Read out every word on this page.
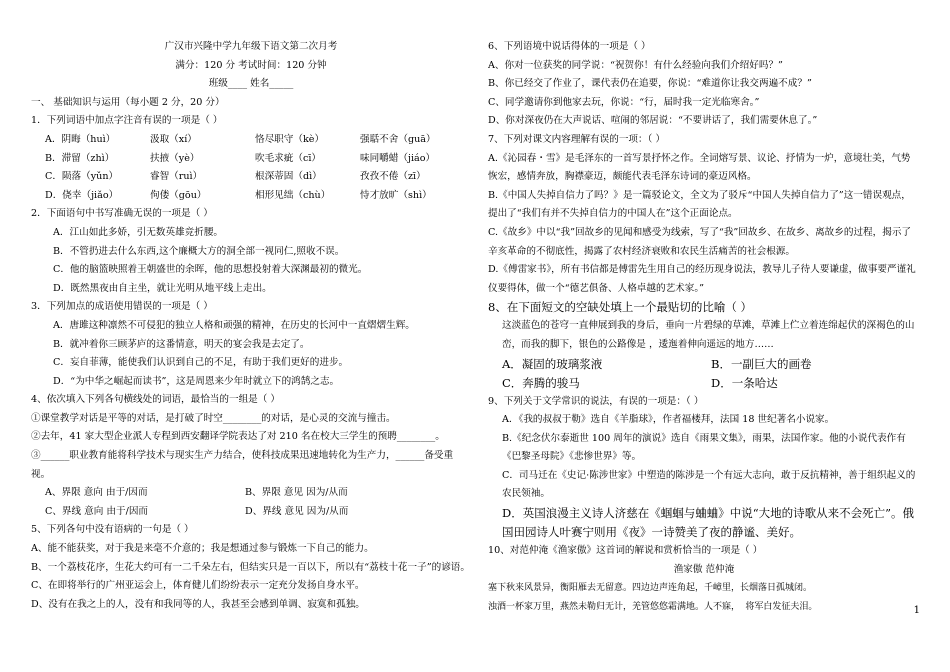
广汉市兴隆中学九年级下语文第二次月考
满分：120 分 考试时间：120 分钟
班级____ 姓名_____
一、 基础知识与运用（每小题 2 分，20 分）
1．下列词语中加点字注音有误的一项是（ ）
A．阴晦（huì）	汲取（xí）	恪尽职守（kè）	强聒不舍（guā）
B．滞留（zhì）	扶掖（yè）	吹毛求疵（cī）	味同嚼蜡（jiáo）
C．陨落（yǔn）	睿智（ruì）	根深蒂固（dì）	孜孜不倦（zī）
D．侥幸（jiǎo）	佝偻（gōu）	相形见绌（chù）	恃才放旷（shì）
2．下面语句中书写准确无误的一项是（ ）
A．江山如此多娇，引无数英雄竞折腰。
B．不管扔进去什么东西,这个廉概大方的洞全部一视同仁,照收不误。
C．他的脑篮映照着王朝盛世的余晖，他的思想投射着大深渊最初的微光。
D．既然黑夜由自主坐，就让光明从地平线上走出。
3．下列加点的成语使用错误的一项是（ ）
A．唐雎这种凛然不可侵犯的独立人格和顽强的精神，在历史的长河中一直熠熠生辉。
B．就冲着你三顾茅庐的这番情意，明天的宴会我是去定了。
C．妄自菲薄，能使我们认识到自己的不足，有助于我们更好的进步。
D．“为中华之崛起而读书”，这是周恩来少年时就立下的鸿鹄之志。
4、依次填入下列各句横线处的词语，最恰当的一组是（ ）
①课堂教学对话是平等的对话，是打破了时空________的对话，是心灵的交流与撞击。
②去年，41 家大型企业派人专程到西安翻译学院表达了对 210 名在校大三学生的预聘________。
③______职业教育能将科学技术与现实生产力结合，使科技成果迅速地转化为生产力，______备受重视。
A、界限 意向 由于/因而	B、界限 意见 因为/从而
C、界线 意向 由于/因而	D、界线 意见 因为/从而
5、下列各句中没有语病的一句是（ ）
A、能不能获奖，对于我是来毫不介意的；我是想通过参与锻炼一下自己的能力。
B、一个荔枝花序，生花大约可有一二千朵左右，但结实只是一百以下，所以有“荔枝十花一子”的谚语。
C、在即将举行的广州亚运会上，体育健儿们纷纷表示一定充分发扬自身水平。
D、没有在我之上的人，没有和我同等的人，我甚至会感到单调、寂寞和孤独。
6、下列语境中说话得体的一项是（ ）
A、你对一位获奖的同学说：“祝贺你！有什么经验向我们介绍好吗？”
B、你已经交了作业了，课代表仍在追要，你说：“难道你让我交两遍不成？”
C、同学邀请你到他家去玩，你说：“行，届时我一定光临寒舍。”
D、你对深夜仍在大声说话、喧闹的邻居说：“不要讲话了，我们需要休息了。”
7、下列对课文内容理解有误的一项：（ ）
A.《沁园春・雪》是毛泽东的一首写景抒怀之作。全词熔写景、议论、抒情为一炉，意境壮美，气势恢宏，感情奔放，胸襟豪迈，颇能代表毛泽东诗词的豪迈风格。
B.《中国人失掉自信力了吗？》是一篇驳论文，全文为了驳斥“中国人失掉自信力了”这一错误观点，提出了“我们有并不失掉自信力的中国人在”这个正面论点。
C.《故乡》中以“我”回故乡的见闻和感受为线索，写了“我”回故乡、在故乡、离故乡的过程，揭示了辛亥革命的不彻底性，揭露了农村经济衰败和农民生活痛苦的社会根源。
D.《傅雷家书》，所有书信都是傅雷先生用自己的经历现身说法，教导儿子待人要谦虚，做事要严谨礼仪要得体，做一个“德艺俱备、人格卓越的艺术家。”
8、在下面短文的空缺处填上一个最贴切的比喻（ ）
这淡蓝色的苍穹一直伸展到我的身后，垂向一片碧绿的草滩，草滩上伫立着连绵起伏的深褐色的山峦，而我的脚下，银色的公路像是 ，逶迤着伸向遥远的地方……
A．凝固的玻璃浆液	B．一副巨大的画卷
C．奔腾的骏马	D．一条哈达
9、下列关于文学常识的说法，有误的一项是：（ ）
A．《我的叔叔于勒》选自《羊脂球》，作者福楼拜，法国 18 世纪著名小说家。
B.《纪念伏尔泰逝世 100 周年的演说》选自《雨果文集》，雨果，法国作家。他的小说代表作有《巴黎圣母院》《悲惨世界》等。
C．司马迁在《史记·陈涉世家》中塑造的陈涉是一个有远大志向，敢于反抗精神，善于组织起义的农民领袖。
D．英国浪漫主义诗人济慈在《蝈蝈与蛐蛐》中说“大地的诗歌从来不会死亡”。俄国田园诗人叶赛宁则用《夜》一诗赞美了夜的静谧、美好。
10、对范仲淹《渔家傲》这首词的解说和赏析恰当的一项是（ ）
渔家傲 范仲淹
塞下秋来风景异，衡阳雁去无留意。四边边声连角起，千嶂里，长烟落日孤城闭。
浊酒一杯家万里，燕然未勒归无计，羌管悠悠霜满地。人不寐， 将军白发征夫泪。	1
